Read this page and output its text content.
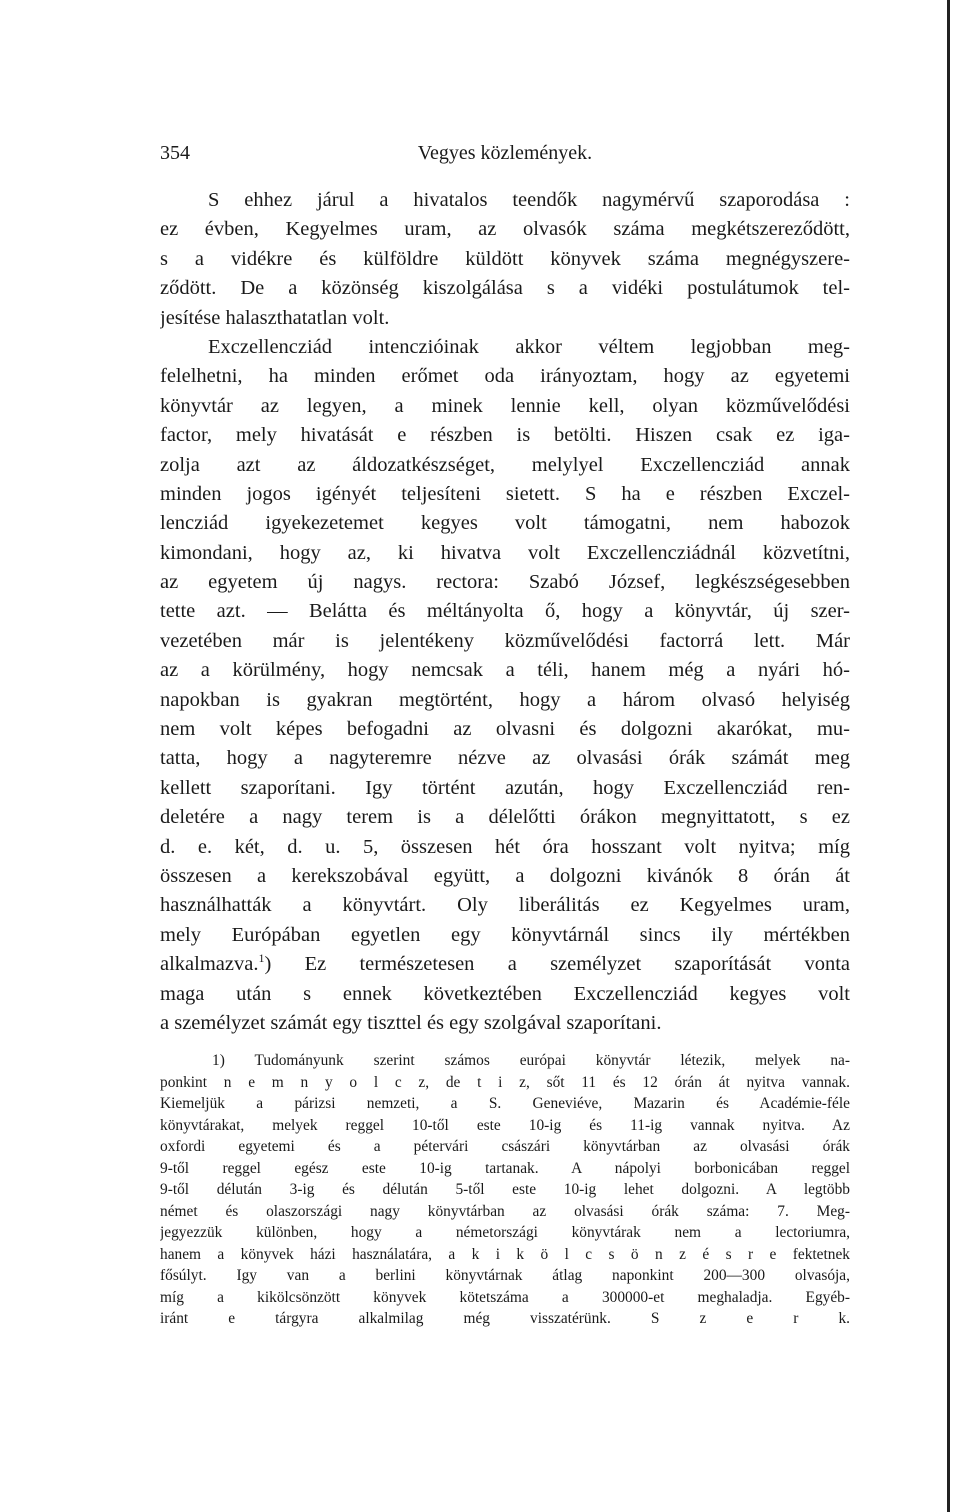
354	Vegyes közlemények.
S ehhez járul a hivatalos teendők nagymérvű szaporodása :
ez évben, Kegyelmes uram, az olvasók száma megkétszereződött,
s a vidékre és külföldre küldött könyvek száma megnégyszere-
ződött. De a közönség kiszolgálása s a vidéki postulátumok tel-
jesítése halaszthatatlan volt.
Exczellencziád intenczióinak akkor véltem legjobban meg-
felelhetni, ha minden erőmet oda irányoztam, hogy az egyetemi
könyvtár az legyen, a minek lennie kell, olyan közművelődési
factor, mely hivatását e részben is betölti. Hiszen csak ez iga-
zolja azt az áldozatkészséget, melylyel Exczellencziád annak
minden jogos igényét teljesíteni sietett. S ha e részben Exczel-
lencziád igyekezetemet kegyes volt támogatni, nem habozok
kimondani, hogy az, ki hivatva volt Exczellencziádnál közvetítni,
az egyetem új nagys. rectora: Szabó József, legkészségesebben
tette azt. — Belátta és méltányolta ő, hogy a könyvtár, új szer-
vezetében már is jelentékeny közművelődési factorrá lett. Már
az a körülmény, hogy nemcsak a téli, hanem még a nyári hó-
napokban is gyakran megtörtént, hogy a három olvasó helyiség
nem volt képes befogadni az olvasni és dolgozni akarókat, mu-
tatta, hogy a nagyteremre nézve az olvasási órák számát meg
kellett szaporítani. Igy történt azután, hogy Exczellencziád ren-
deletére a nagy terem is a délelőtti órákon megnyittatott, s ez
d. e. két, d. u. 5, összesen hét óra hosszant volt nyitva; míg
összesen a kerekszobával együtt, a dolgozni kivánók 8 órán át
használhatták a könyvtárt. Oly liberálitás ez Kegyelmes uram,
mely Európában egyetlen egy könyvtárnál sincs ily mértékben
alkalmazva.$^1$) Ez természetesen a személyzet szaporítását vonta
maga után s ennek következtében Exczellencziád kegyes volt
a személyzet számát egy tiszttel és egy szolgával szaporítani.
1) Tudományunk szerint számos európai könyvtár létezik, melyek na-
ponkint n e m n y o l c z, de t i z, sőt 11 és 12 órán át nyitva vannak.
Kiemeljük a párizsi nemzeti, a S. Geneviéve, Mazarin és Académie-féle
könyvtárakat, melyek reggel 10-től este 10-ig és 11-ig vannak nyitva. Az
oxfordi egyetemi és a pétervári császári könyvtárban az olvasási órák
9-től reggel egész este 10-ig tartanak. A nápolyi borbonicában reggel
9-től délután 3-ig és délután 5-től este 10-ig lehet dolgozni. A legtöbb
német és olaszországi nagy könyvtárban az olvasási órák száma: 7. Meg-
jegyezzük különben, hogy a németországi könyvtárak nem a lectoriumra,
hanem a könyvek házi használatára, a k i k ö l c s ö n z é s r e fektetnek
fősúlyt. Igy van a berlini könyvtárnak átlag naponkint 200—300 olvasója,
míg a kikölcsönzött könyvek kötetszáma a 300000-et meghaladja. Egyéb-
iránt e tárgyra alkalmilag még visszatérünk.	S z e r k.
